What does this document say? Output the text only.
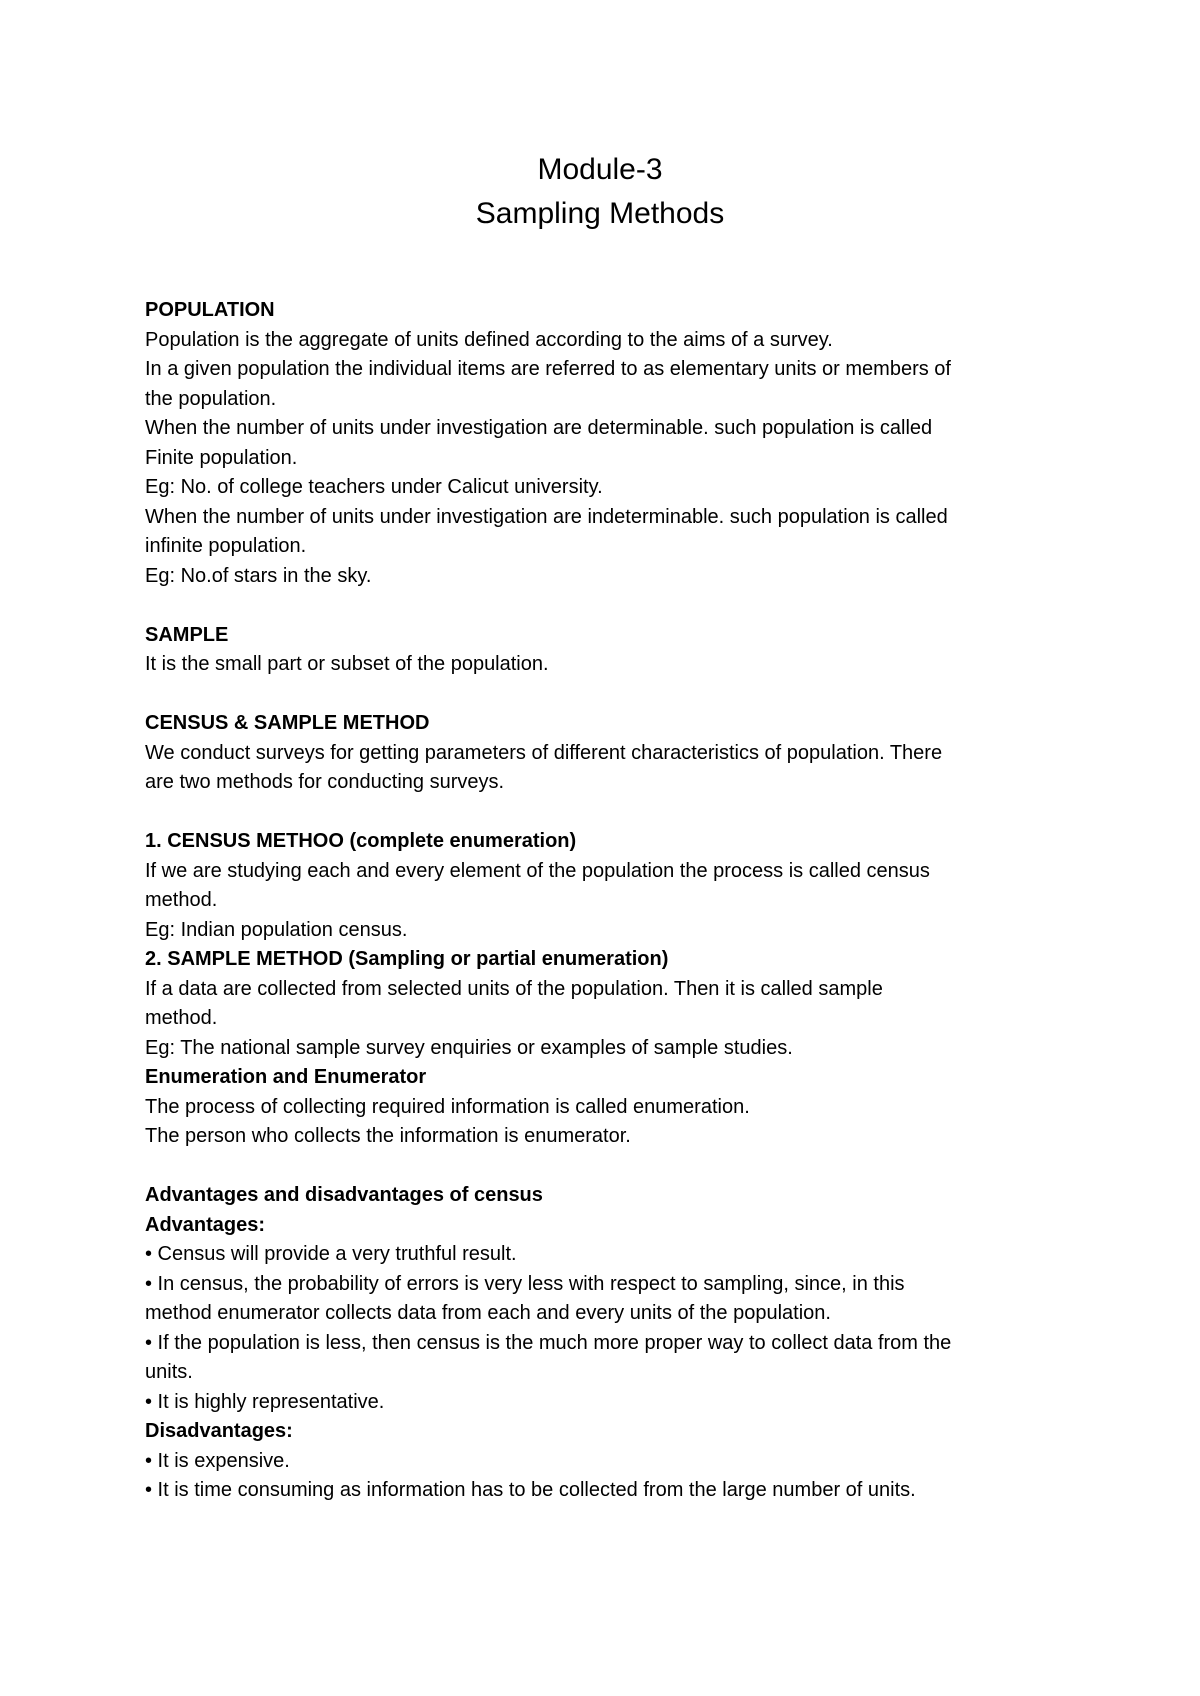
Module-3
Sampling Methods
POPULATION
Population is the aggregate of units defined according to the aims of a survey.
In a given population the individual items are referred to as elementary units or members of
the population.
When the number of units under investigation are determinable. such population is called
Finite population.
Eg: No. of college teachers under Calicut university.
When the number of units under investigation are indeterminable. such population is called
infinite population.
Eg: No.of stars in the sky.
SAMPLE
It is the small part or subset of the population.
CENSUS & SAMPLE METHOD
We conduct surveys for getting parameters of different characteristics of population. There
are two methods for conducting surveys.
1. CENSUS METHOO (complete enumeration)
If we are studying each and every element of the population the process is called census
method.
Eg: Indian population census.
2. SAMPLE METHOD (Sampling or partial enumeration)
If a data are collected from selected units of the population. Then it is called sample
method.
Eg: The national sample survey enquiries or examples of sample studies.
Enumeration and Enumerator
The process of collecting required information is called enumeration.
The person who collects the information is enumerator.
Advantages and disadvantages of census
Advantages:
• Census will provide a very truthful result.
• In census, the probability of errors is very less with respect to sampling, since, in this
method enumerator collects data from each and every units of the population.
• If the population is less, then census is the much more proper way to collect data from the
units.
• It is highly representative.
Disadvantages:
• It is expensive.
• It is time consuming as information has to be collected from the large number of units.
